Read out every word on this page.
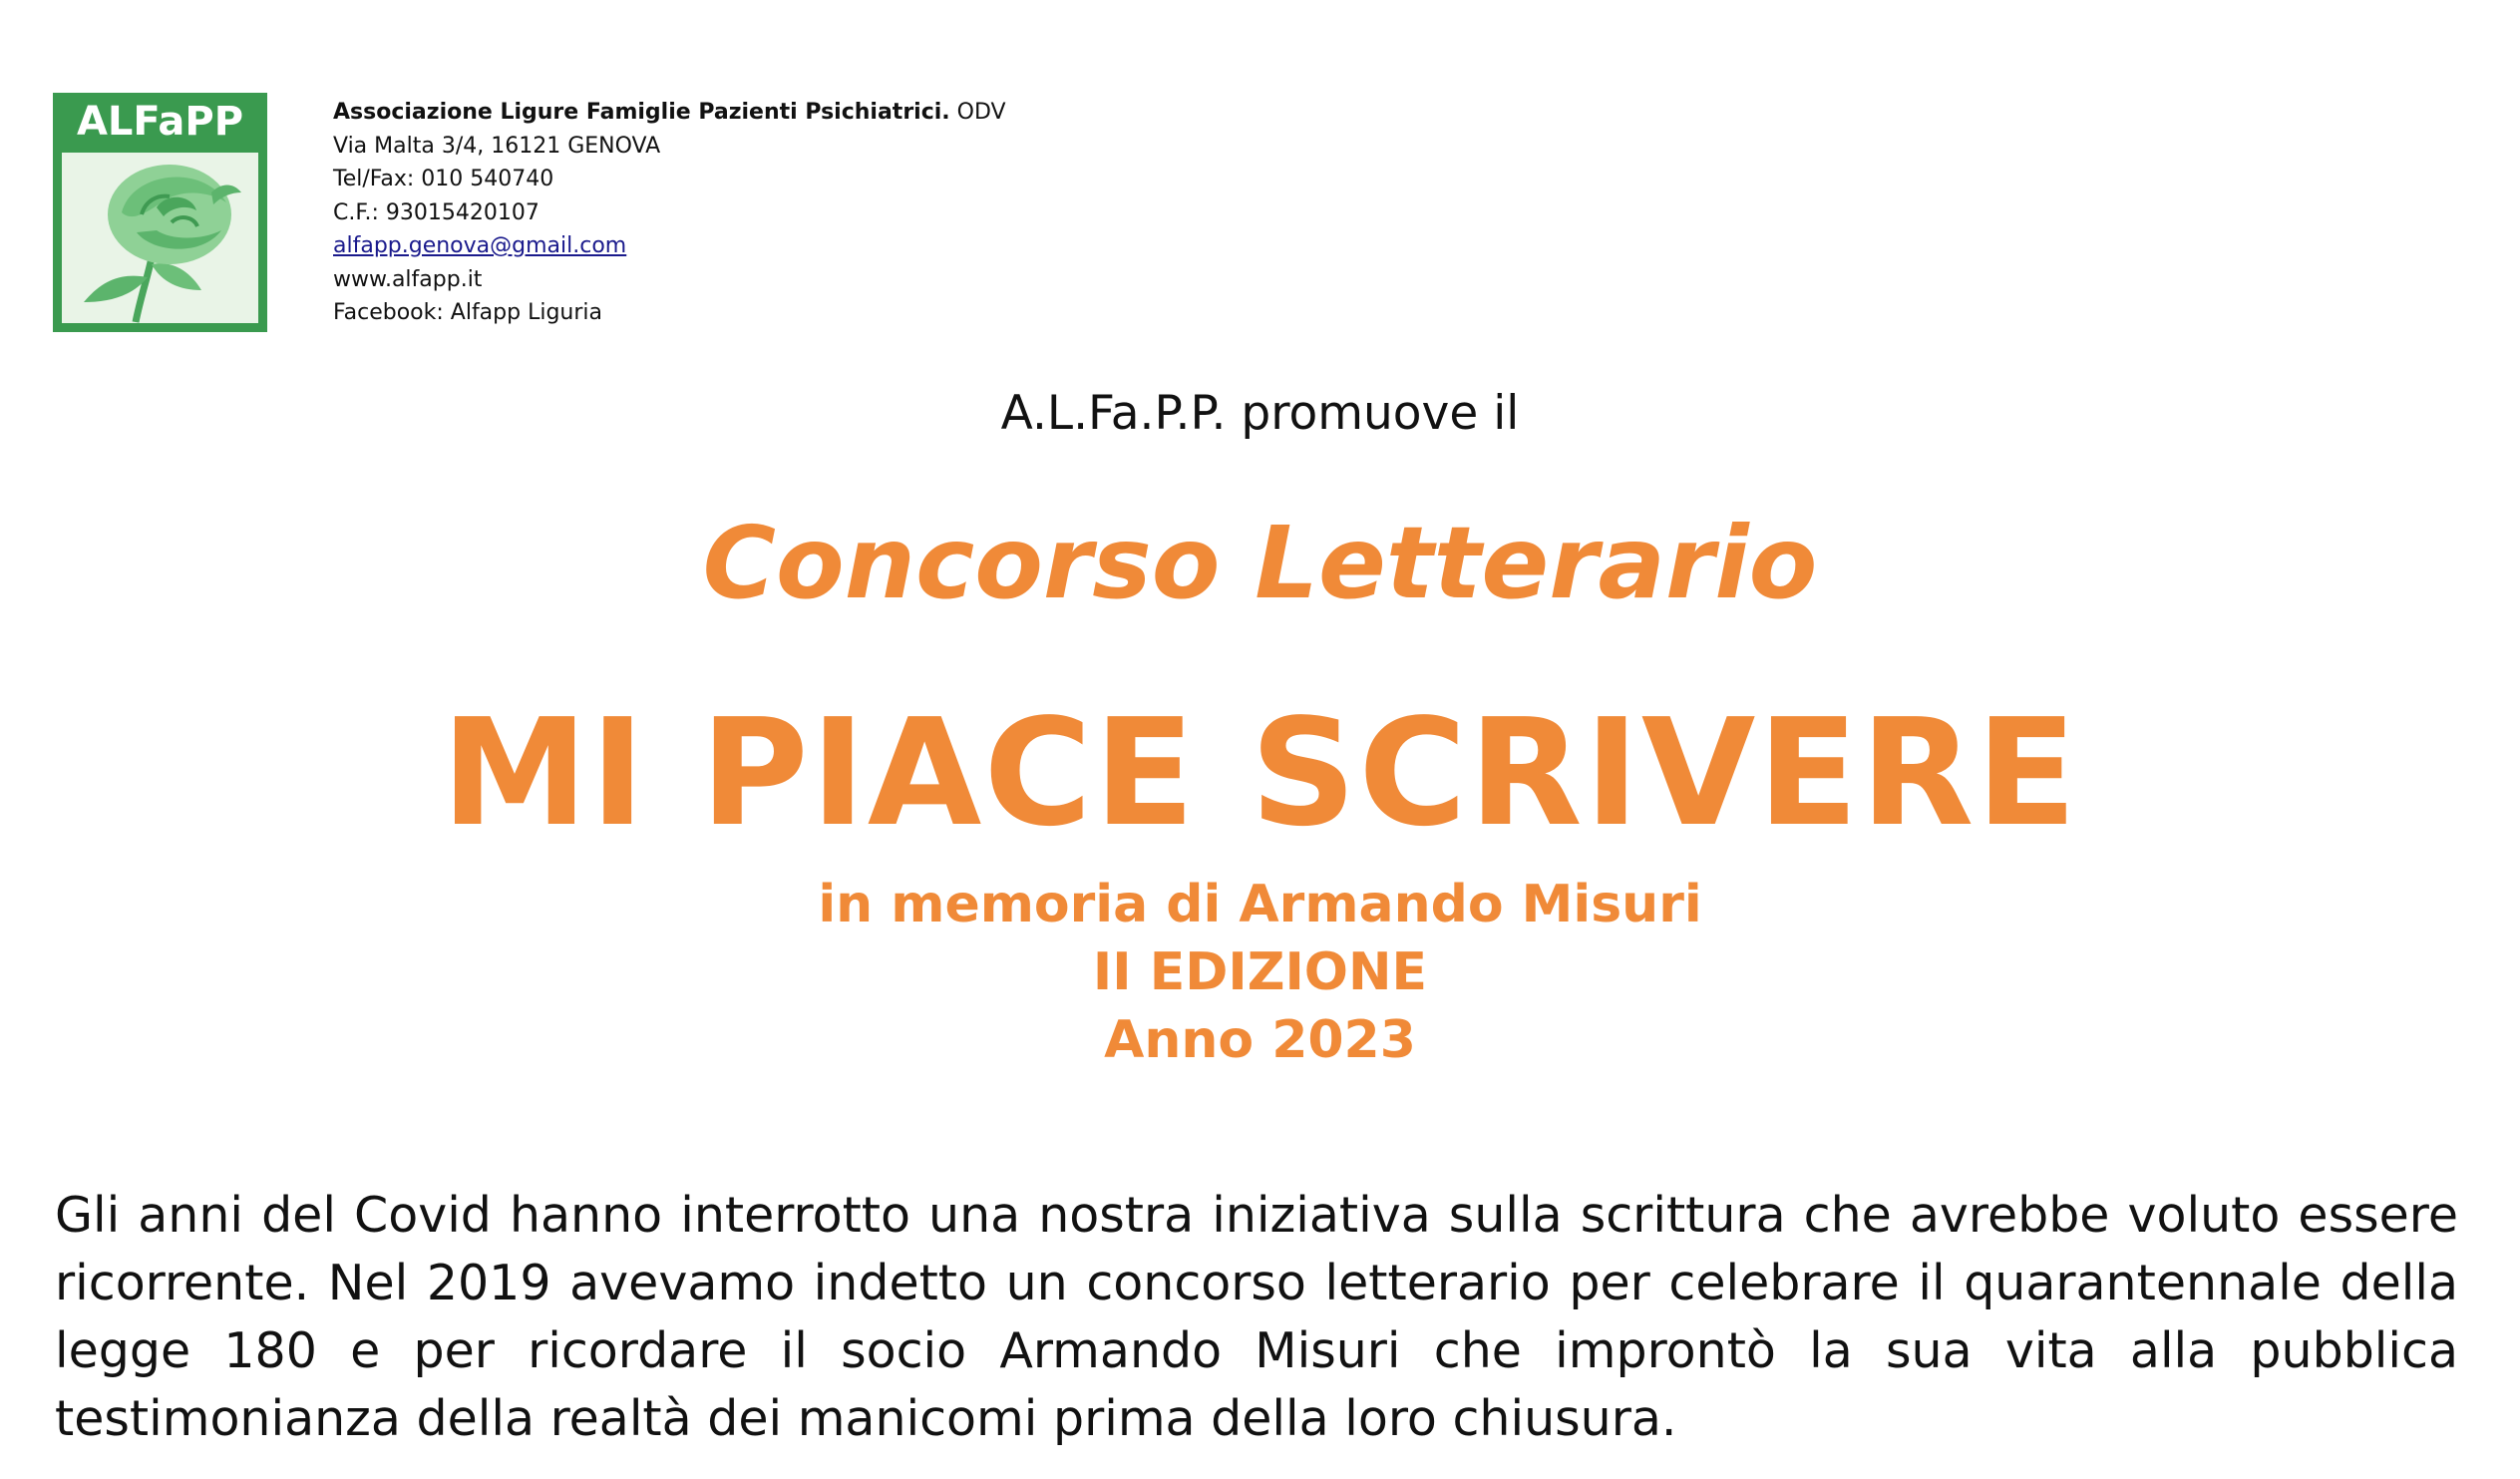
ALFaPP	Associazione Ligure Famiglie Pazienti Psichiatrici. ODV
Via Malta 3/4, 16121 GENOVA
Tel/Fax: 010 540740
C.F.: 93015420107
alfapp.genova@gmail.com
www.alfapp.it
Facebook: Alfapp Liguria
A.L.Fa.P.P. promuove il
Concorso Letterario
MI PIACE SCRIVERE
in memoria di Armando Misuri
II EDIZIONE
Anno 2023
Gli anni del Covid hanno interrotto una nostra iniziativa sulla scrittura che avrebbe voluto essere ricorrente. Nel 2019 avevamo indetto un concorso letterario per celebrare il quarantennale della legge 180 e per ricordare il socio Armando Misuri che improntò la sua vita alla pubblica testimonianza della realtà dei manicomi prima della loro chiusura.
